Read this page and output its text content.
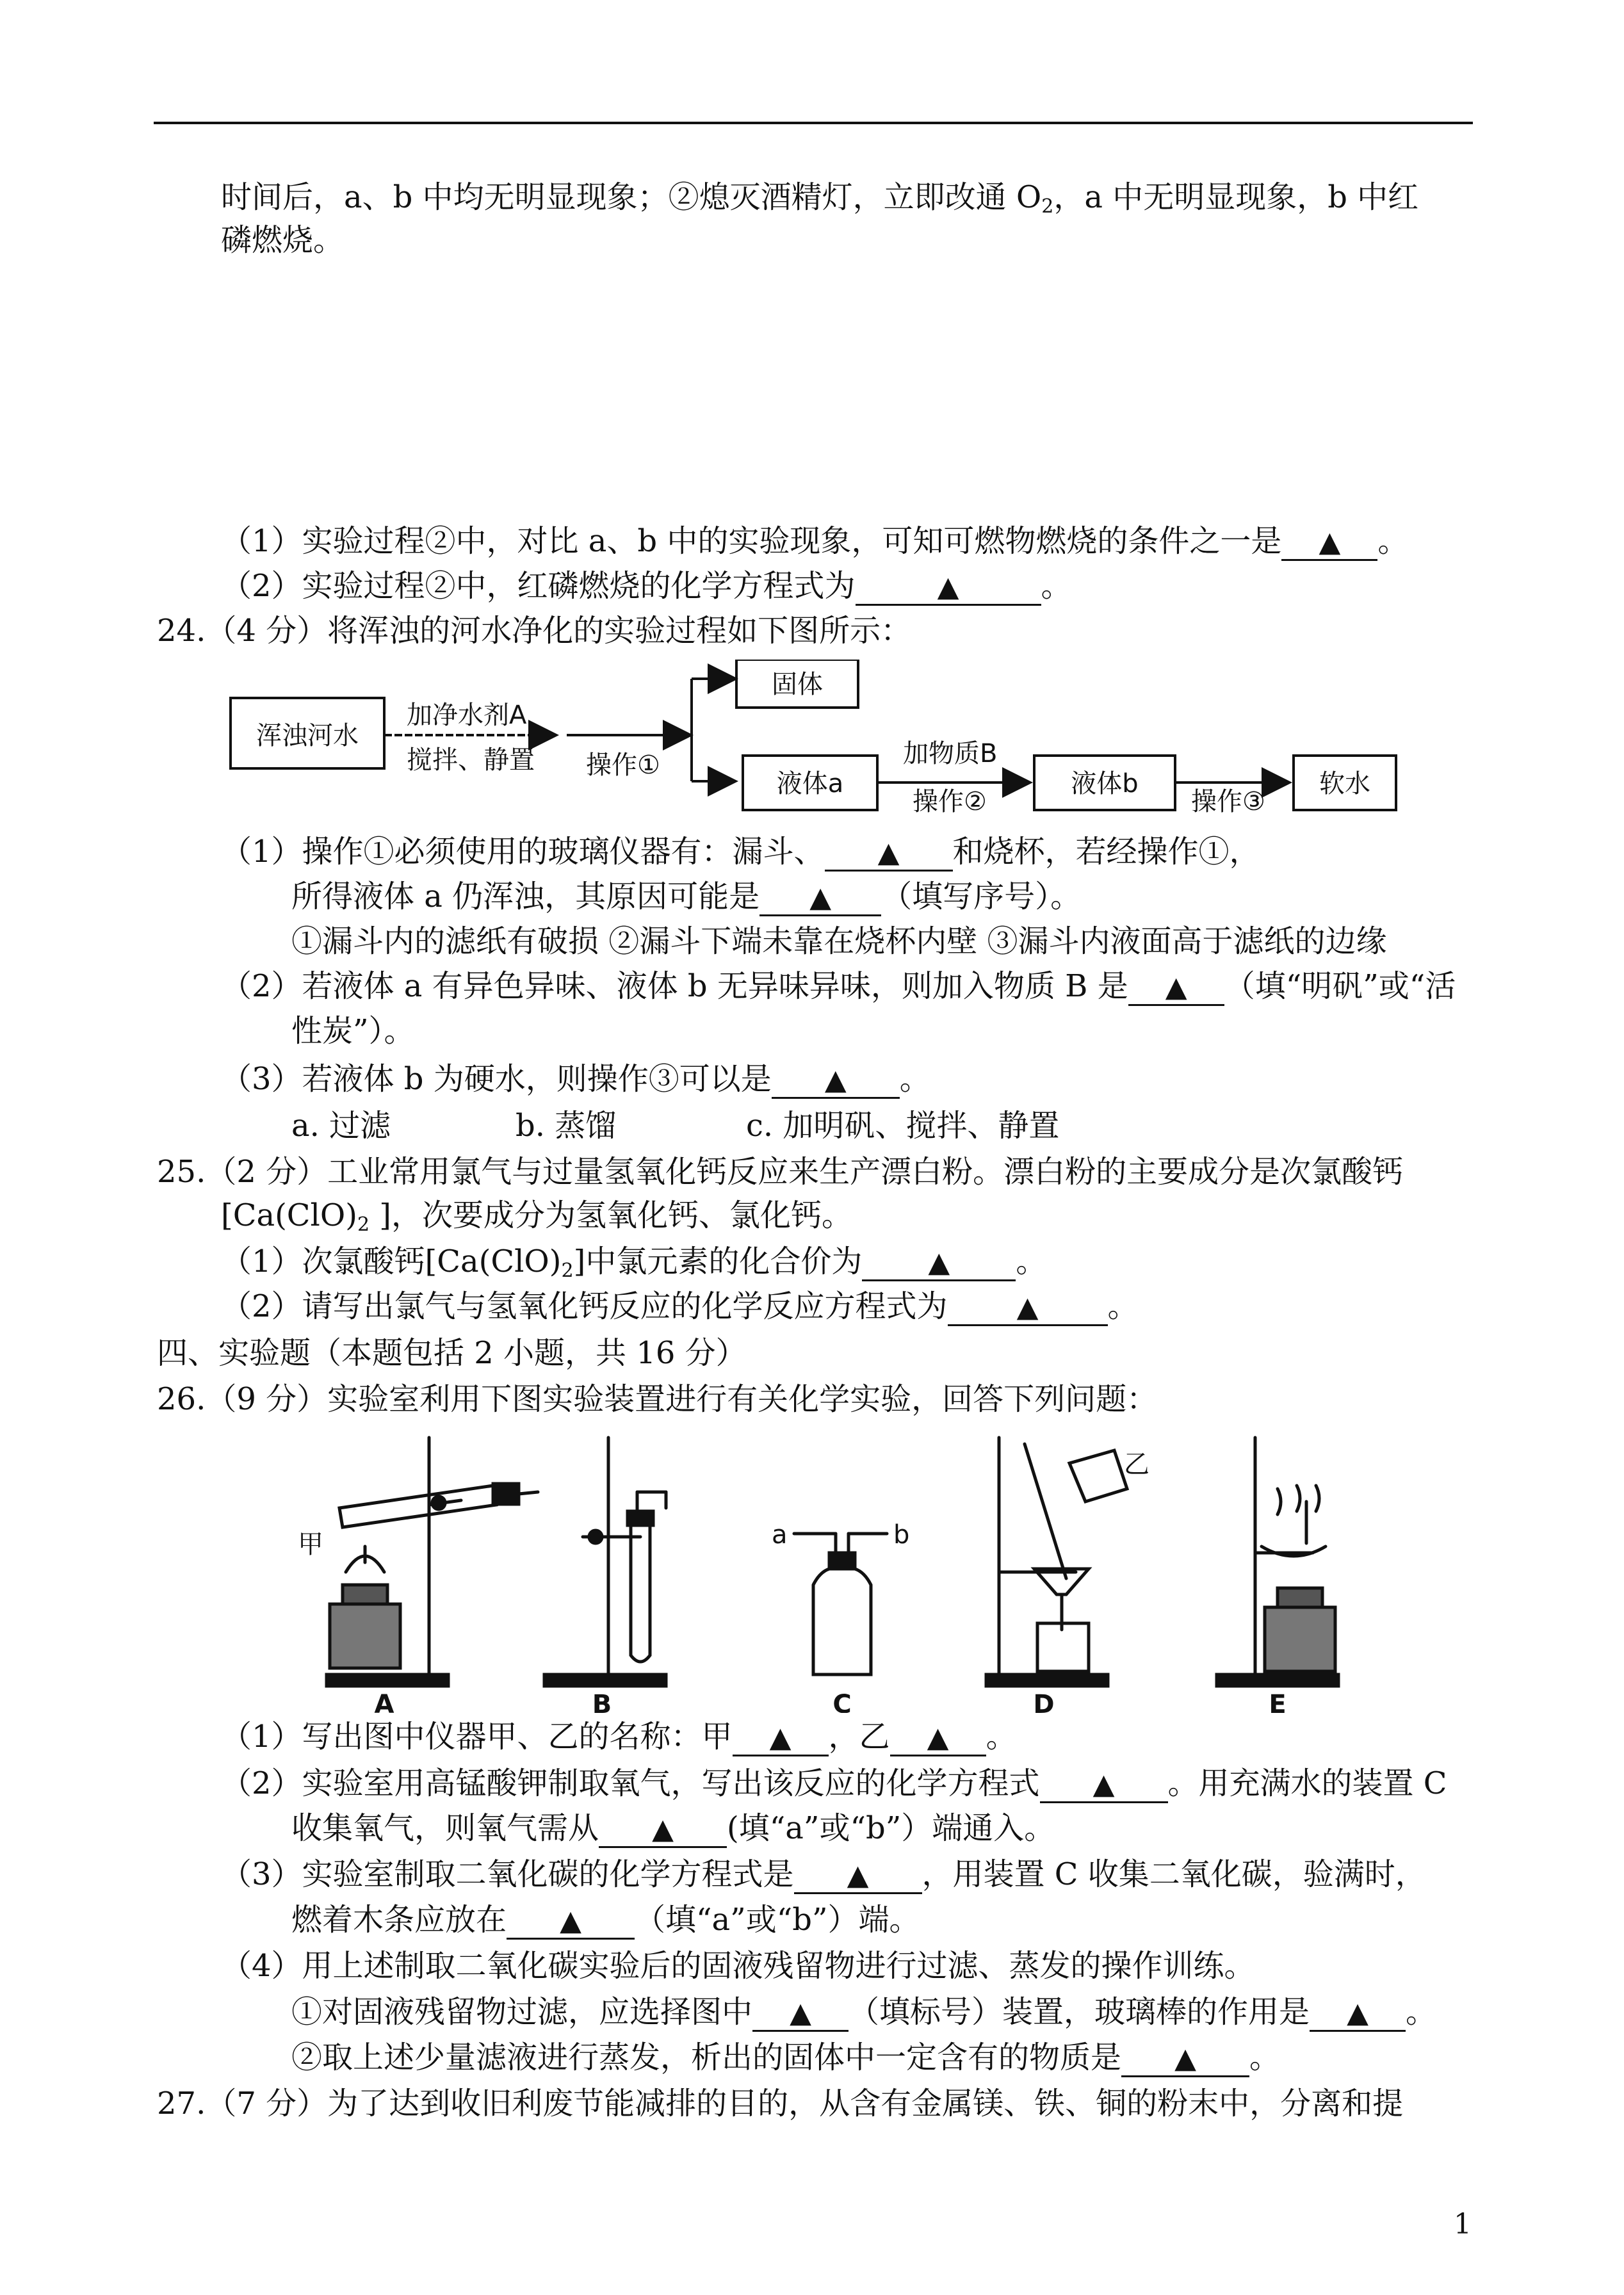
时间后，a、b 中均无明显现象；②熄灭酒精灯，立即改通 $O_2$，a 中无明显现象，b 中红
磷燃烧。
（1）实验过程②中，对比 a、b 中的实验现象，可知可燃物燃烧的条件之一是 ▲ 。
（2）实验过程②中，红磷燃烧的化学方程式为	▲	。
24.（4 分）将浑浊的河水净化的实验过程如下图所示：
浑浊河水
加净水剂A
搅拌、静置 操作①
固体
液体a
加物质B
操作②
液体b
操作③
软水
（1）操作①必须使用的玻璃仪器有：漏斗、 ▲ 和烧杯，若经操作①，
所得液体 a 仍浑浊，其原因可能是 ▲ （填写序号）。
①漏斗内的滤纸有破损 ②漏斗下端未靠在烧杯内壁 ③漏斗内液面高于滤纸的边缘
（2）若液体 a 有异色异味、液体 b 无异味异味，则加入物质 B 是 ▲ （填“明矾”或“活
性炭”）。
（3）若液体 b 为硬水，则操作③可以是 ▲ 。
a. 过滤	b. 蒸馏	c. 加明矾、搅拌、静置
25.（2 分）工业常用氯气与过量氢氧化钙反应来生产漂白粉。漂白粉的主要成分是次氯酸钙
[$Ca(ClO)_2$ ]，次要成分为氢氧化钙、氯化钙。
（1）次氯酸钙$[Ca(ClO)_2]$中氯元素的化合价为 ▲ 。
（2）请写出氯气与氢氧化钙反应的化学反应方程式为 ▲ 。
四、实验题（本题包括 2 小题，共 16 分）
26.（9 分）实验室利用下图实验装置进行有关化学实验，回答下列问题：
甲
乙
a	b
A	B	C	D	E
（1）写出图中仪器甲、乙的名称：甲 ▲ ，乙 ▲ 。
（2）实验室用高锰酸钾制取氧气，写出该反应的化学方程式 ▲ 。用充满水的装置 C
收集氧气，则氧气需从 ▲ (填“a”或“b”）端通入。
（3）实验室制取二氧化碳的化学方程式是 ▲ ，用装置 C 收集二氧化碳，验满时，
燃着木条应放在 ▲ （填“a”或“b”）端。
（4）用上述制取二氧化碳实验后的固液残留物进行过滤、蒸发的操作训练。
①对固液残留物过滤，应选择图中 ▲ （填标号）装置，玻璃棒的作用是 ▲ 。
②取上述少量滤液进行蒸发，析出的固体中一定含有的物质是 ▲ 。
27.（7 分）为了达到收旧利废节能减排的目的，从含有金属镁、铁、铜的粉末中，分离和提
1
